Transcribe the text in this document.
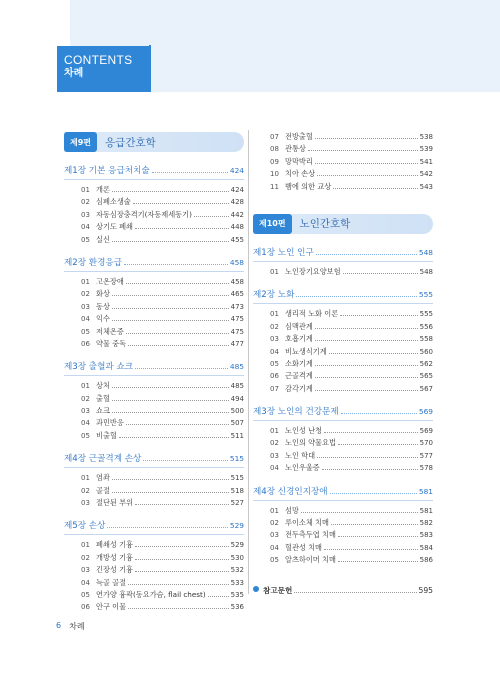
CONTENTS
차례
제9편	응급간호학
제1장 기본 응급처치술	424
01 개론	424
02 심폐소생술	428
03 자동심장충격기(자동제세동기)	442
04 상기도 폐쇄	448
05 실신	455
제2장 환경응급	458
01 고온장애	458
02 화상	465
03 동상	473
04 익수	475
05 저체온증	475
06 약물 중독	477
제3장 출혈과 쇼크	485
01 상처	485
02 출혈	494
03 쇼크	500
04 과민반응	507
05 비출혈	511
제4장 근골격계 손상	515
01 염좌	515
02 골절	518
03 절단된 부위	527
제5장 손상	529
01 폐쇄성 기흉	529
02 개방성 기흉	530
03 긴장성 기흉	532
04 늑골 골절	533
05 연가양 흉곽(동요가슴, flail chest)	535
06 안구 이물	536
07 전방출혈	538
08 관통상	539
09 망막박리	541
10 치아 손상	542
11 뱀에 의한 교상	543
제10편	노인간호학
제1장 노인 인구	548
01 노인장기요양보험	548
제2장 노화	555
01 생리적 노화 이론	555
02 심맥관계	556
03 호흡기계	558
04 비뇨생식기계	560
05 소화기계	562
06 근골격계	565
07 감각기계	567
제3장 노인의 건강문제	569
01 노인성 난청	569
02 노인의 약물요법	570
03 노인 학대	577
04 노인우울증	578
제4장 신경인지장애	581
01 섬망	581
02 루이소체 치매	582
03 전두측두엽 치매	583
04 혈관성 치매	584
05 알츠하이머 치매	586
참고문헌	595
6 차례
